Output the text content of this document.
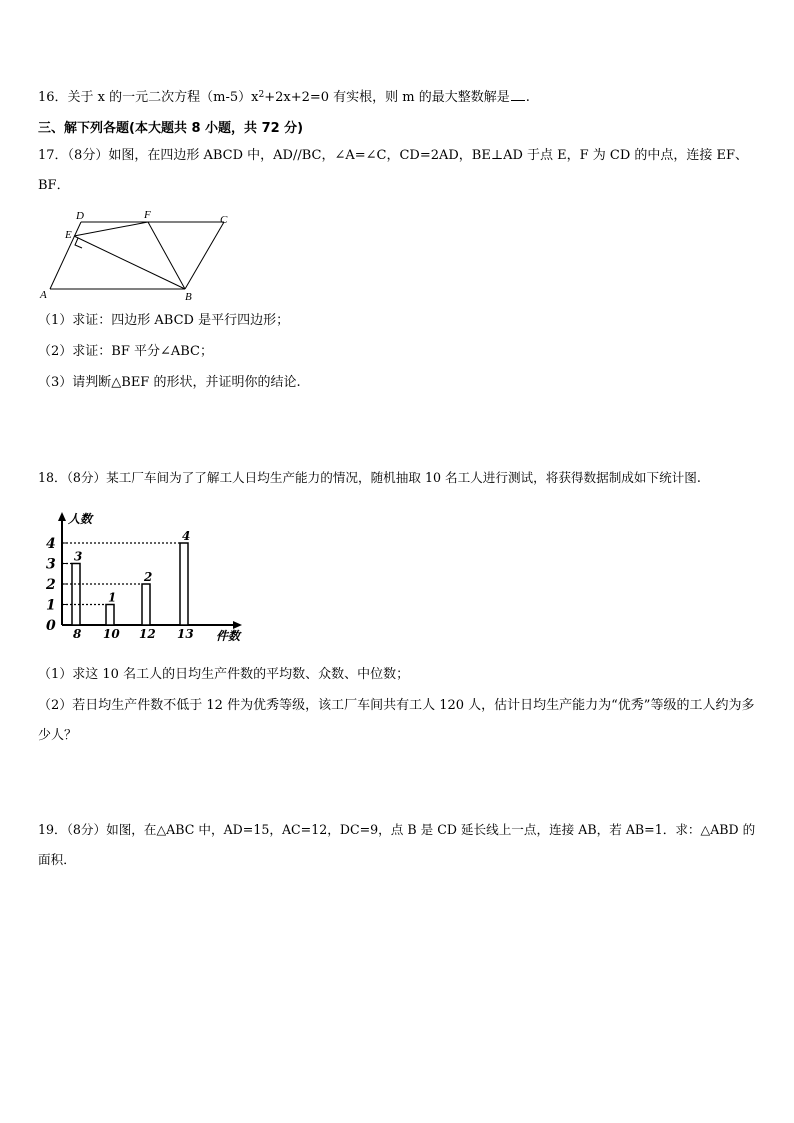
16．关于 x 的一元二次方程$(m-5)x^2+2x+2=0$ 有实根，则 m 的最大整数解是 .
三、解下列各题(本大题共 8 小题，共 72 分)
17．（8分）如图，在四边形 ABCD 中，AD//BC，∠A=∠C，CD=2AD，BE⊥AD 于点 E，F 为 CD 的中点，连接 EF、BF．
A	B
C
D
E
F
（1）求证：四边形 ABCD 是平行四边形；
（2）求证：BF 平分∠ABC；
（3）请判断△BEF 的形状，并证明你的结论.
18．（8分）某工厂车间为了了解工人日均生产能力的情况，随机抽取 10 名工人进行测试，将获得数据制成如下统计图.
人数
件数
0
1
2
3
4
3
8
1
10
2
12
4
13
（1）求这 10 名工人的日均生产件数的平均数、众数、中位数；
（2）若日均生产件数不低于 12 件为优秀等级，该工厂车间共有工人 120 人，估计日均生产能力为“优秀”等级的工人约为多少人？
19．（8分）如图，在△ABC 中，AD=15，AC=12，DC=9，点 B 是 CD 延长线上一点，连接 AB，若 AB=1．求：△ABD 的面积．
